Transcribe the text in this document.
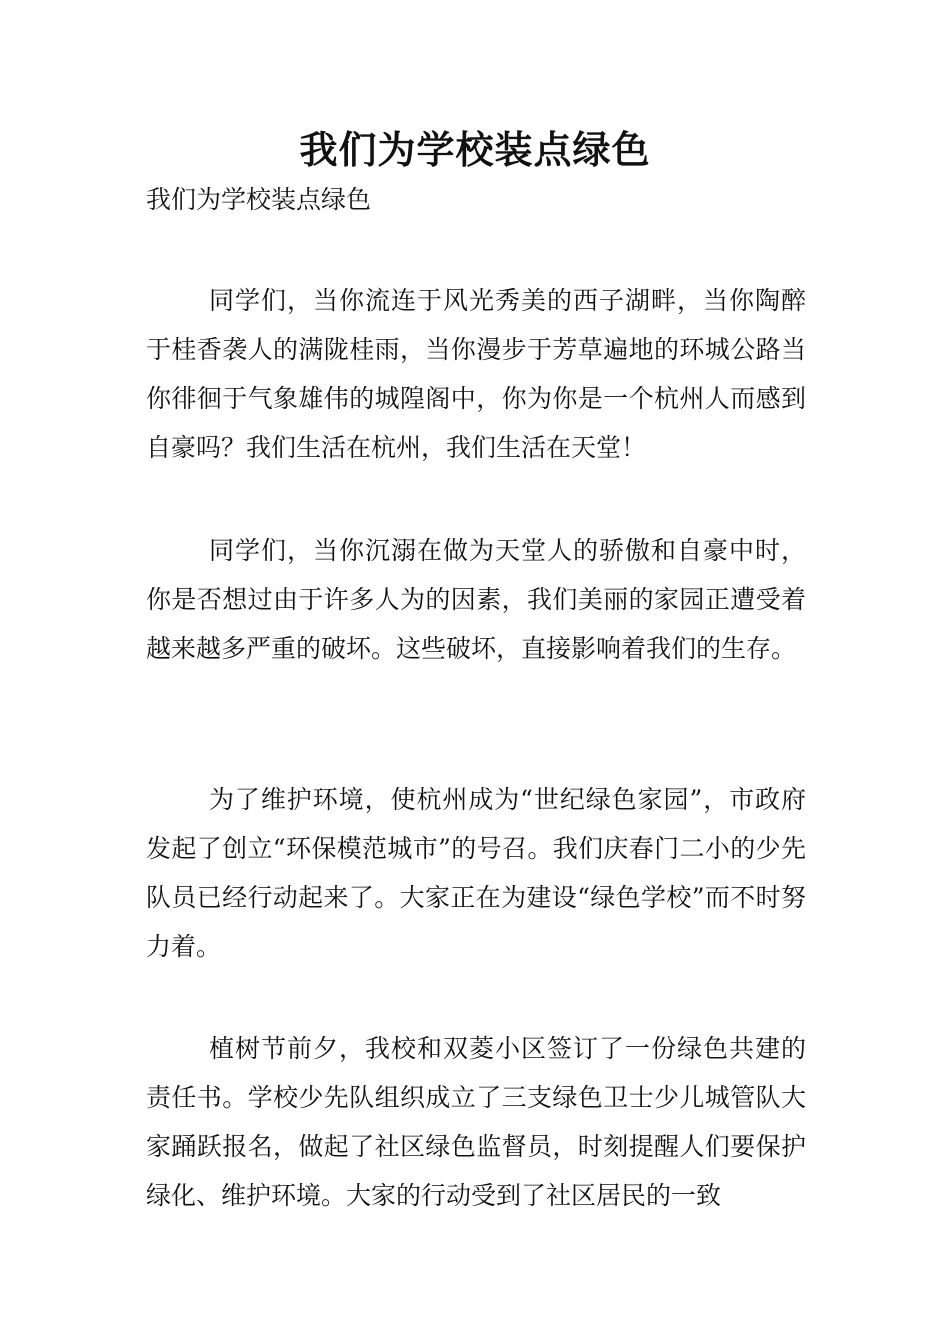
我们为学校装点绿色

我们为学校装点绿色

同学们，当你流连于风光秀美的西子湖畔，当你陶醉于桂香袭人的满陇桂雨，当你漫步于芳草遍地的环城公路当你徘徊于气象雄伟的城隍阁中，你为你是一个杭州人而感到自豪吗？我们生活在杭州，我们生活在天堂！

同学们，当你沉溺在做为天堂人的骄傲和自豪中时，你是否想过由于许多人为的因素，我们美丽的家园正遭受着越来越多严重的破坏。这些破坏，直接影响着我们的生存。

为了维护环境，使杭州成为“世纪绿色家园”，市政府发起了创立“环保模范城市”的号召。我们庆春门二小的少先队员已经行动起来了。大家正在为建设“绿色学校”而不时努力着。

植树节前夕，我校和双菱小区签订了一份绿色共建的责任书。学校少先队组织成立了三支绿色卫士少儿城管队大家踊跃报名，做起了社区绿色监督员，时刻提醒人们要保护绿化、维护环境。大家的行动受到了社区居民的一致
